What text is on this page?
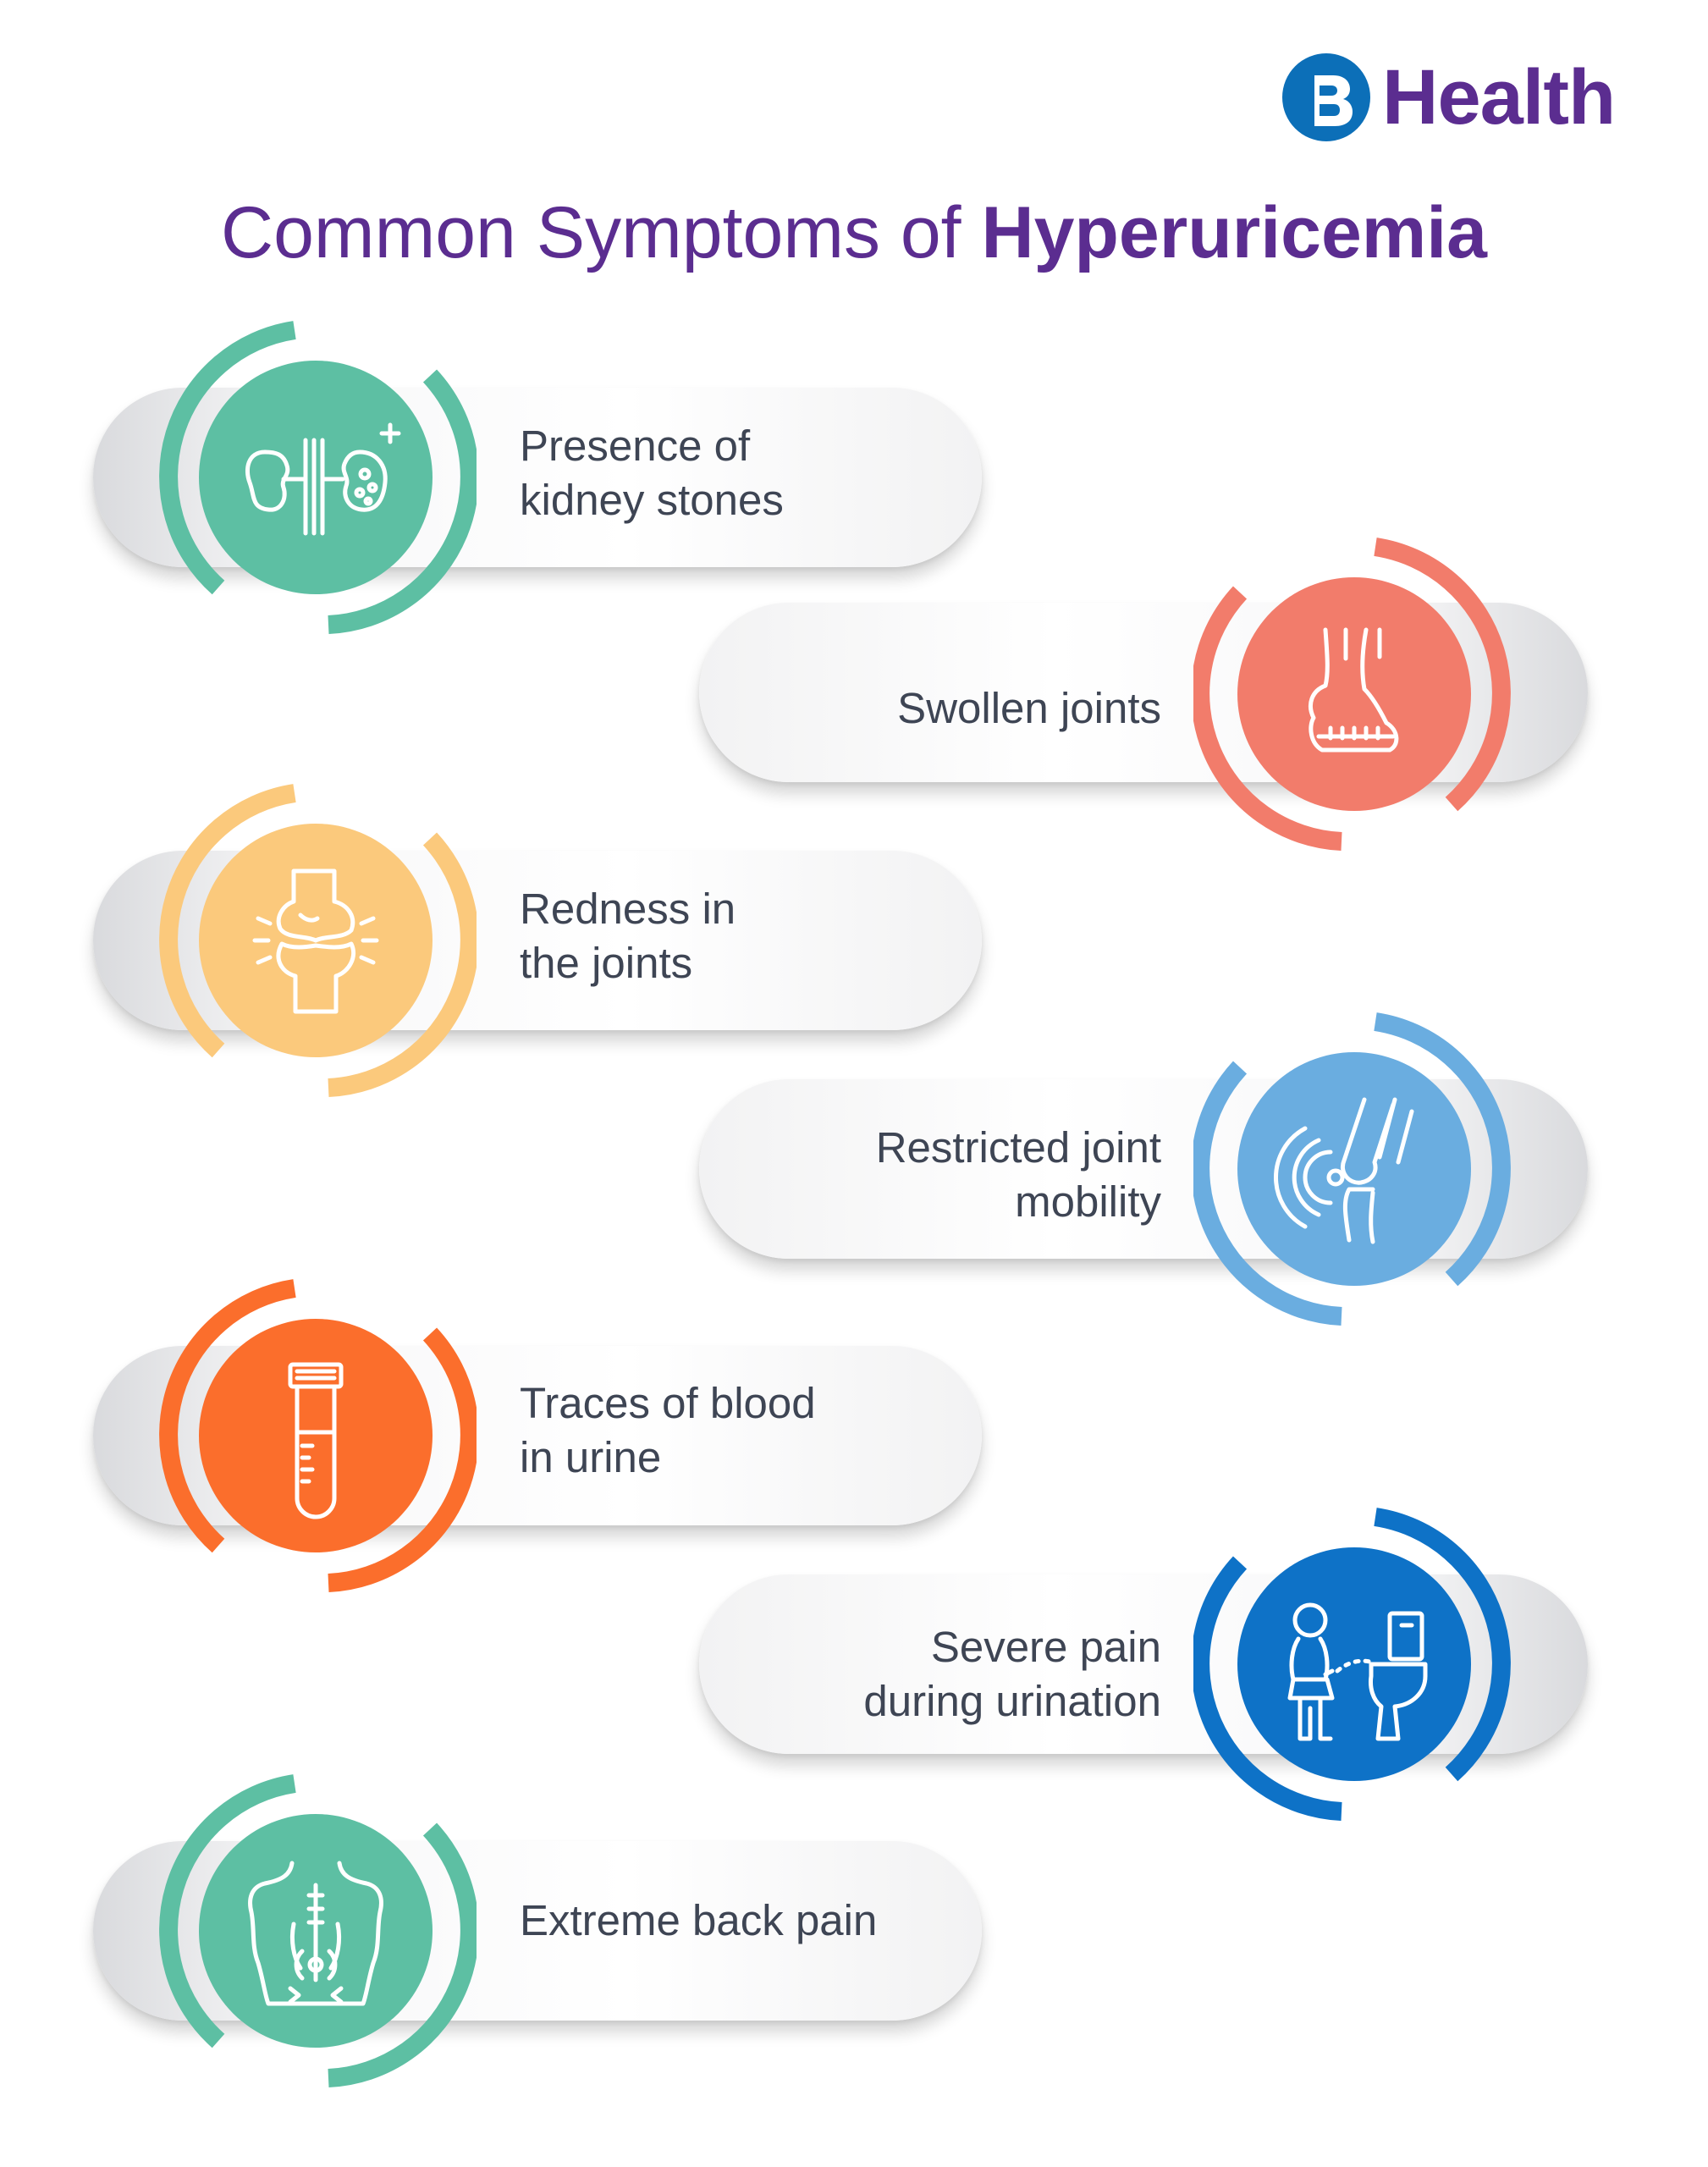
Health
Common Symptoms of Hyperuricemia
Presence of
kidney stones
Swollen joints
Redness in
the joints
Restricted joint
mobility
Traces of blood
in urine
Severe pain
during urination
Extreme back pain
